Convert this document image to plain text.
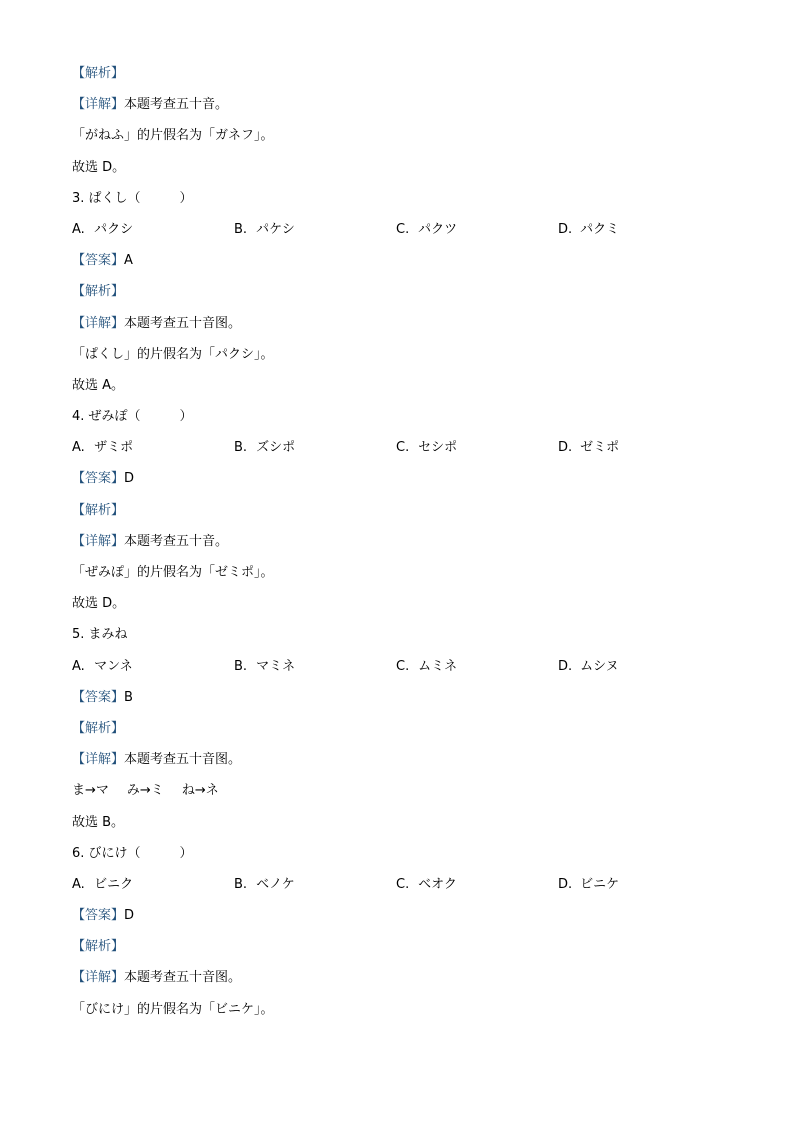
【解析】
【详解】本题考查五十音。
「がねふ」的片假名为「ガネフ」。
故选 D。
3. ぱくし（　　　）
A. パクシ	B. パケシ	C. パクツ	D. パクミ
【答案】A
【解析】
【详解】本题考查五十音图。
「ぱくし」的片假名为「パクシ」。
故选 A。
4. ぜみぽ（　　　）
A. ザミポ	B. ズシポ	C. セシポ	D. ゼミポ
【答案】D
【解析】
【详解】本题考查五十音。
「ぜみぽ」的片假名为「ゼミポ」。
故选 D。
5. まみね
A. マンネ	B. マミネ	C. ムミネ	D. ムシヌ
【答案】B
【解析】
【详解】本题考查五十音图。
ま→マ み→ミ ね→ネ
故选 B。
6. びにけ（　　　）
A. ビニク	B. ベノケ	C. ベオク	D. ビニケ
【答案】D
【解析】
【详解】本题考查五十音图。
「びにけ」的片假名为「ビニケ」。
